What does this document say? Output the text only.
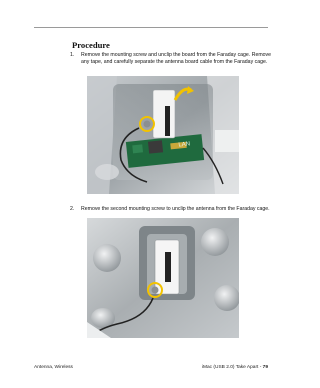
Procedure
1. Remove the mounting screw and unclip the board from the Faraday cage. Remove any tape, and carefully separate the antenna board cable from the Faraday cage.
LAN
2. Remove the second mounting screw to unclip the antenna from the Faraday cage.
Antenna, Wireless	iMac (USB 2.0) Take Apart - 79
